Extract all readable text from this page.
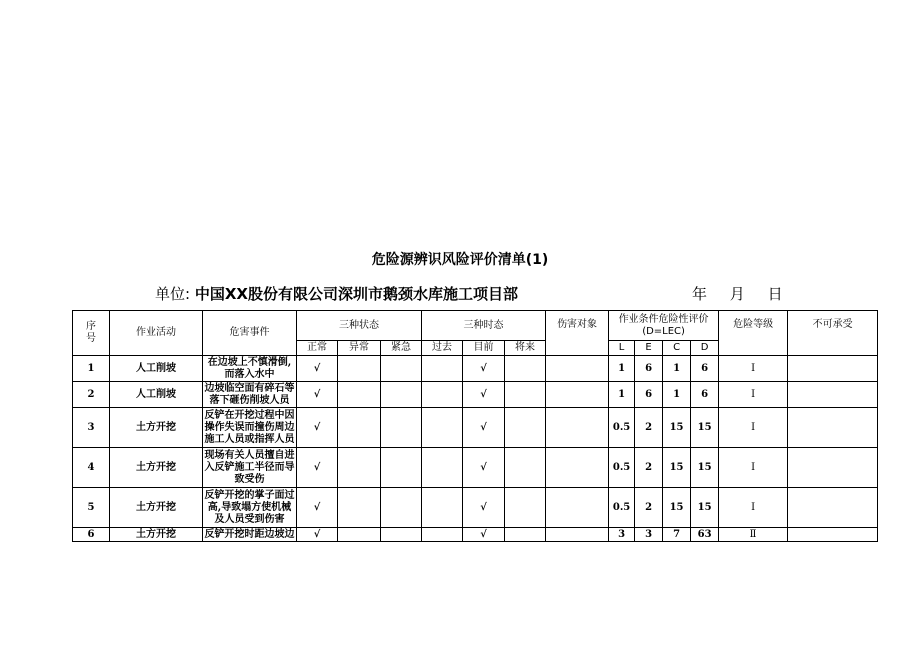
危险源辨识风险评价清单(1)
单位: 中国XX股份有限公司深圳市鹅颈水库施工项目部	年 月 日
序号	作业活动	危害事件	三种状态			三种时态			伤害对象	作业条件危险性评价(D=LEC)				危险等级	不可承受
			正常	异常	紧急	过去	目前	将来		L	E	C	D		
1	人工削坡	在边坡上不慎滑倒,而落入水中	√				√			1	6	1	6	Ⅰ	
2	人工削坡	边坡临空面有碎石等落下砸伤削坡人员	√				√			1	6	1	6	Ⅰ	
3	土方开挖	反铲在开挖过程中因操作失误而撞伤周边施工人员或指挥人员	√				√			0.5	2	15	15	Ⅰ	
4	土方开挖	现场有关人员擅自进入反铲施工半径而导致受伤	√				√			0.5	2	15	15	Ⅰ	
5	土方开挖	反铲开挖的掌子面过高,导致塌方使机械及人员受到伤害	√				√			0.5	2	15	15	Ⅰ	
6	土方开挖	反铲开挖时距边坡边	√				√			3	3	7	63	Ⅱ	
